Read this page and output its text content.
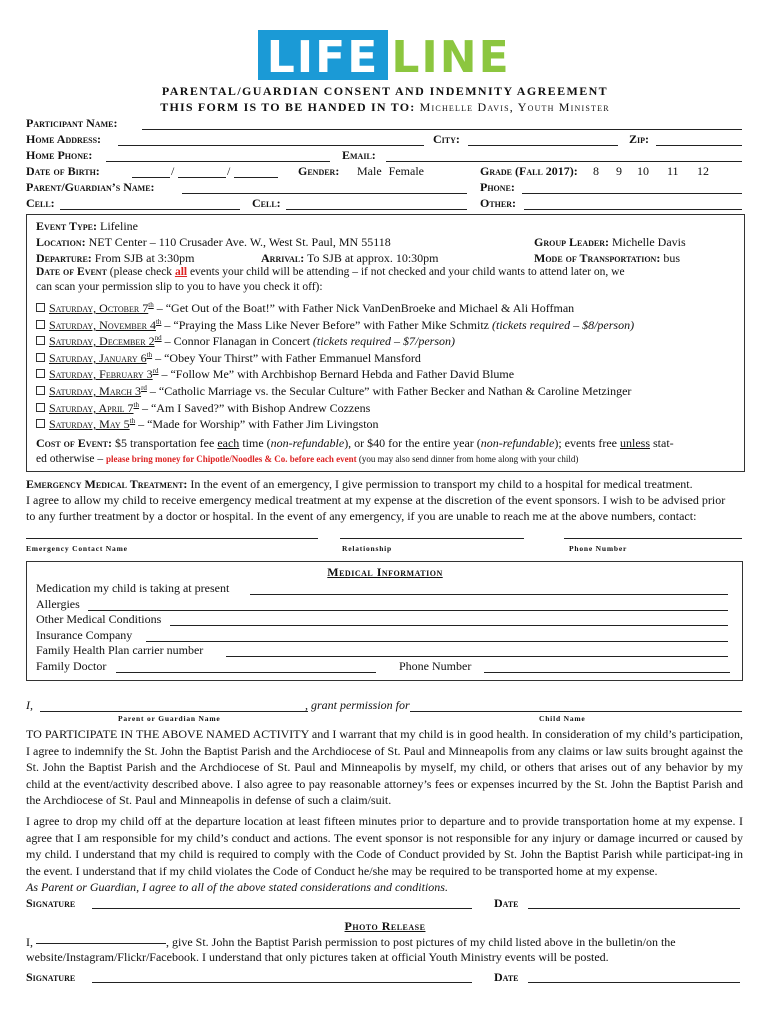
LIFE LINE
PARENTAL/GUARDIAN CONSENT AND INDEMNITY AGREEMENT
THIS FORM IS TO BE HANDED IN TO: Michelle Davis, Youth Minister
Participant Name:
Home Address:	City:	Zip:
Home Phone:	Email:
Date of Birth:	/	/	Gender: Male Female	Grade (Fall 2017): 8 9 10 11 12
Parent/Guardian’s Name:	Phone:
Cell:	Cell:	Other:
Event Type: Lifeline
Location: NET Center – 110 Crusader Ave. W., West St. Paul, MN 55118	Group Leader: Michelle Davis
Departure: From SJB at 3:30pm	Arrival: To SJB at approx. 10:30pm	Mode of Transportation: bus
Date of Event (please check all events your child will be attending – if not checked and your child wants to attend later on, we
can scan your permission slip to you to have you check it off):
Saturday, October 7th – “Get Out of the Boat!” with Father Nick VanDenBroeke and Michael & Ali Hoffman
Saturday, November 4th – “Praying the Mass Like Never Before” with Father Mike Schmitz (tickets required – $8/person)
Saturday, December 2nd – Connor Flanagan in Concert (tickets required – $7/person)
Saturday, January 6th – “Obey Your Thirst” with Father Emmanuel Mansford
Saturday, February 3rd – “Follow Me” with Archbishop Bernard Hebda and Father David Blume
Saturday, March 3rd – “Catholic Marriage vs. the Secular Culture” with Father Becker and Nathan & Caroline Metzinger
Saturday, April 7th – “Am I Saved?” with Bishop Andrew Cozzens
Saturday, May 5th – “Made for Worship” with Father Jim Livingston
Cost of Event: $5 transportation fee each time (non-refundable), or $40 for the entire year (non-refundable); events free unless stat-
ed otherwise – please bring money for Chipotle/Noodles & Co. before each event (you may also send dinner from home along with your child)
Emergency Medical Treatment: In the event of an emergency, I give permission to transport my child to a hospital for medical treatment.
I agree to allow my child to receive emergency medical treatment at my expense at the discretion of the event sponsors. I wish to be advised prior
to any further treatment by a doctor or hospital. In the event of any emergency, if you are unable to reach me at the above numbers, contact:
Emergency Contact Name	Relationship	Phone Number
Medical Information
Medication my child is taking at present
Allergies
Other Medical Conditions
Insurance Company
Family Health Plan carrier number
Family Doctor	Phone Number
I,	, grant permission for
Parent or Guardian Name	Child Name
TO PARTICIPATE IN THE ABOVE NAMED ACTIVITY and I warrant that my child is in good health. In consideration of my child’s participation, I agree to indemnify the St. John the Baptist Parish and the Archdiocese of St. Paul and Minneapolis from any claims or law suits brought against the St. John the Baptist Parish and the Archdiocese of St. Paul and Minneapolis by myself, my child, or others that arises out of any behavior by my child at the event/activity described above. I also agree to pay reasonable attorney’s fees or expenses incurred by the St. John the Baptist Parish and the Archdiocese of St. Paul and Minneapolis in defense of such a claim/suit.
I agree to drop my child off at the departure location at least fifteen minutes prior to departure and to provide transportation home at my expense. I agree that I am responsible for my child’s conduct and actions. The event sponsor is not responsible for any injury or damage incurred or caused by my child. I understand that my child is required to comply with the Code of Conduct provided by St. John the Baptist Parish while participat-ing in the event. I understand that if my child violates the Code of Conduct he/she may be required to be transported home at my expense.
As Parent or Guardian, I agree to all of the above stated considerations and conditions.
Signature	Date
Photo Release
I,	, give St. John the Baptist Parish permission to post pictures of my child listed above in the bulletin/on the
website/Instagram/Flickr/Facebook. I understand that only pictures taken at official Youth Ministry events will be posted.
Signature	Date
